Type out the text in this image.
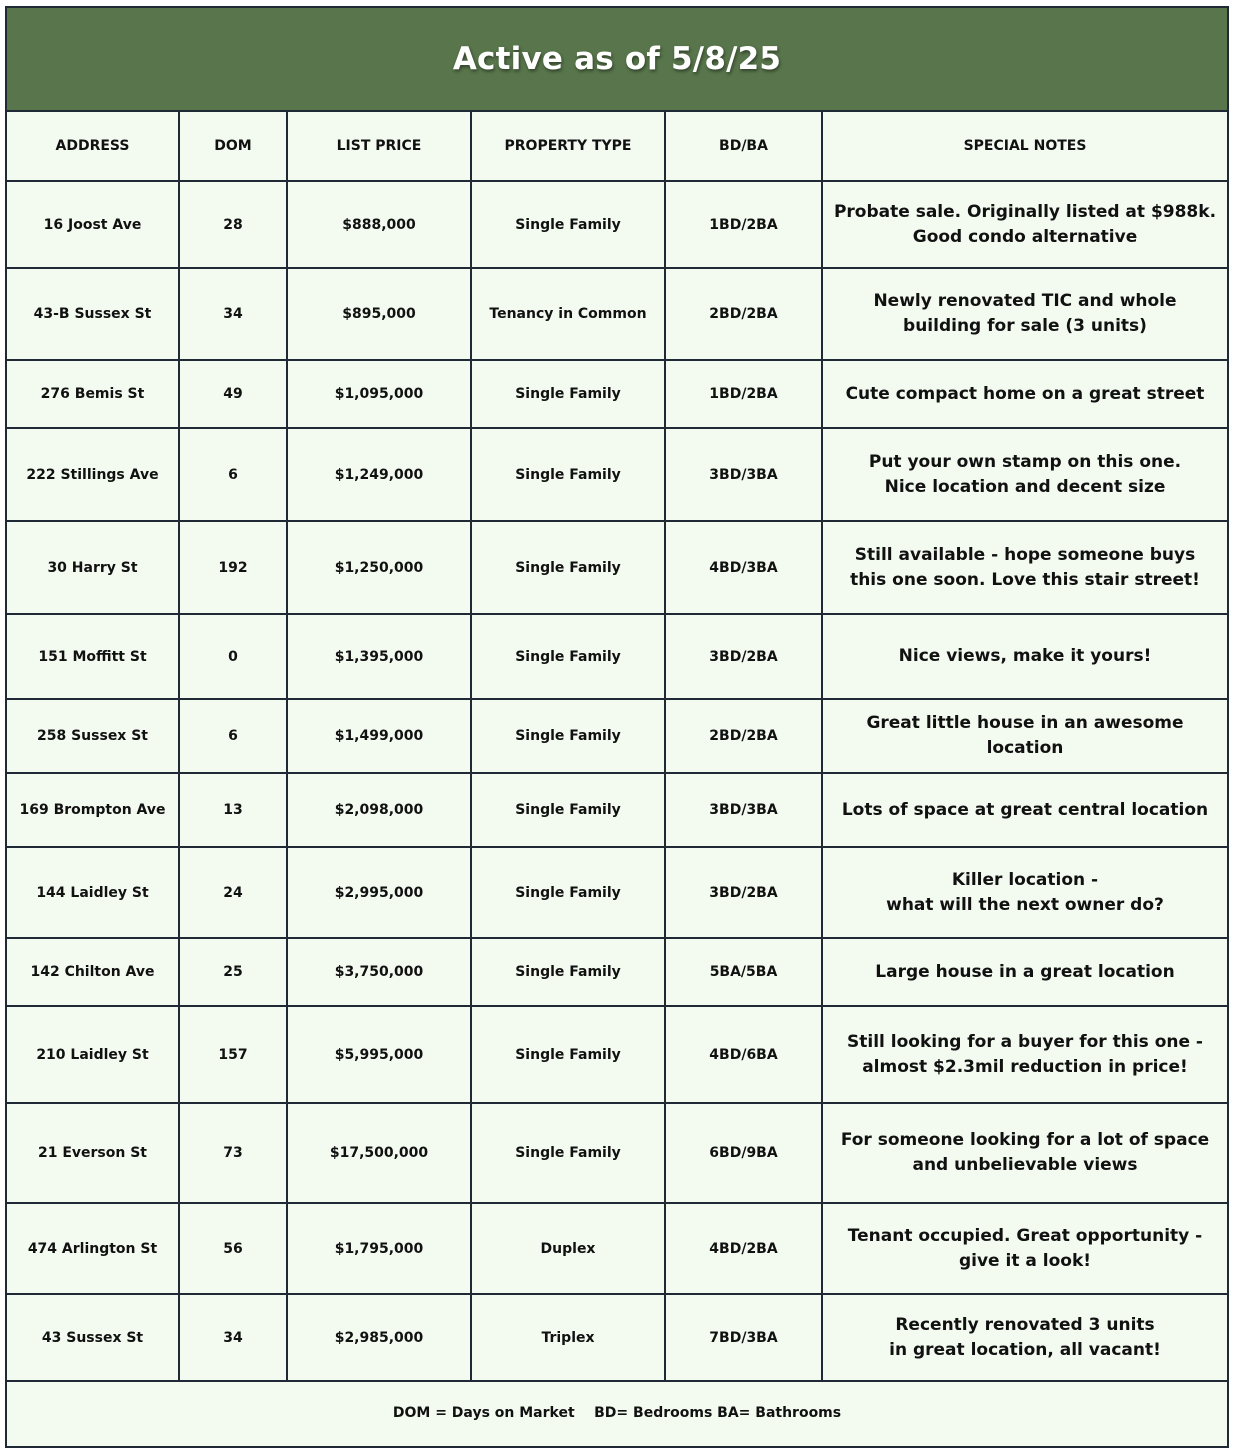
Active as of 5/8/25
ADDRESS	DOM	LIST PRICE	PROPERTY TYPE	BD/BA	SPECIAL NOTES
16 Joost Ave	28	$888,000	Single Family	1BD/2BA	Probate sale. Originally listed at $988k.
Good condo alternative
43-B Sussex St	34	$895,000	Tenancy in Common	2BD/2BA	Newly renovated TIC and whole
building for sale (3 units)
276 Bemis St	49	$1,095,000	Single Family	1BD/2BA	Cute compact home on a great street
222 Stillings Ave	6	$1,249,000	Single Family	3BD/3BA	Put your own stamp on this one.
Nice location and decent size
30 Harry St	192	$1,250,000	Single Family	4BD/3BA	Still available - hope someone buys
this one soon. Love this stair street!
151 Moffitt St	0	$1,395,000	Single Family	3BD/2BA	Nice views, make it yours!
258 Sussex St	6	$1,499,000	Single Family	2BD/2BA	Great little house in an awesome location
169 Brompton Ave	13	$2,098,000	Single Family	3BD/3BA	Lots of space at great central location
144 Laidley St	24	$2,995,000	Single Family	3BD/2BA	Killer location -
what will the next owner do?
142 Chilton Ave	25	$3,750,000	Single Family	5BA/5BA	Large house in a great location
210 Laidley St	157	$5,995,000	Single Family	4BD/6BA	Still looking for a buyer for this one -
almost $2.3mil reduction in price!
21 Everson St	73	$17,500,000	Single Family	6BD/9BA	For someone looking for a lot of space
and unbelievable views
474 Arlington St	56	$1,795,000	Duplex	4BD/2BA	Tenant occupied. Great opportunity -
give it a look!
43 Sussex St	34	$2,985,000	Triplex	7BD/3BA	Recently renovated 3 units
in great location, all vacant!
DOM = Days on Market    BD= Bedrooms BA= Bathrooms
